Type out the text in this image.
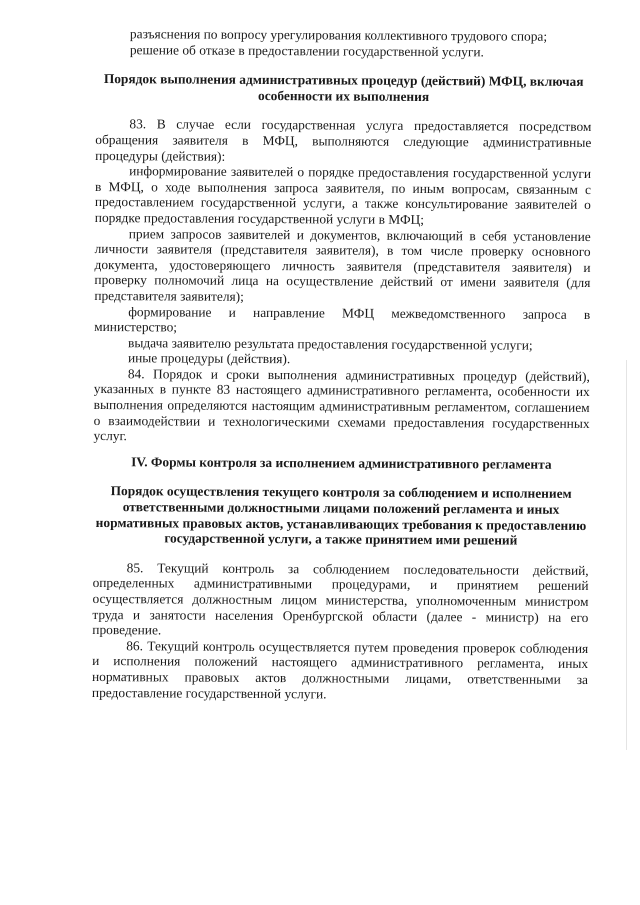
разъяснения по вопросу урегулирования коллективного трудового спора;

решение об отказе в предоставлении государственной услуги.

Порядок выполнения административных процедур (действий) МФЦ, включая особенности их выполнения

83. В случае если государственная услуга предоставляется посредством обращения заявителя в МФЦ, выполняются следующие административные процедуры (действия):

информирование заявителей о порядке предоставления государственной услуги в МФЦ, о ходе выполнения запроса заявителя, по иным вопросам, связанным с предоставлением государственной услуги, а также консультирование заявителей о порядке предоставления государственной услуги в МФЦ;

прием запросов заявителей и документов, включающий в себя установление личности заявителя (представителя заявителя), в том числе проверку основного документа, удостоверяющего личность заявителя (представителя заявителя) и проверку полномочий лица на осуществление действий от имени заявителя (для представителя заявителя);

формирование и направление МФЦ межведомственного запроса в министерство;

выдача заявителю результата предоставления государственной услуги;

иные процедуры (действия).

84. Порядок и сроки выполнения административных процедур (действий), указанных в пункте 83 настоящего административного регламента, особенности их выполнения определяются настоящим административным регламентом, соглашением о взаимодействии и технологическими схемами предоставления государственных услуг.

IV. Формы контроля за исполнением административного регламента
Порядок осуществления текущего контроля за соблюдением и исполнением ответственными должностными лицами положений регламента и иных нормативных правовых актов, устанавливающих требования к предоставлению государственной услуги, а также принятием ими решений

85. Текущий контроль за соблюдением последовательности действий, определенных административными процедурами, и принятием решений осуществляется должностным лицом министерства, уполномоченным министром труда и занятости населения Оренбургской области (далее - министр) на его проведение.

86. Текущий контроль осуществляется путем проведения проверок соблюдения и исполнения положений настоящего административного регламента, иных нормативных правовых актов должностными лицами, ответственными за предоставление государственной услуги.
